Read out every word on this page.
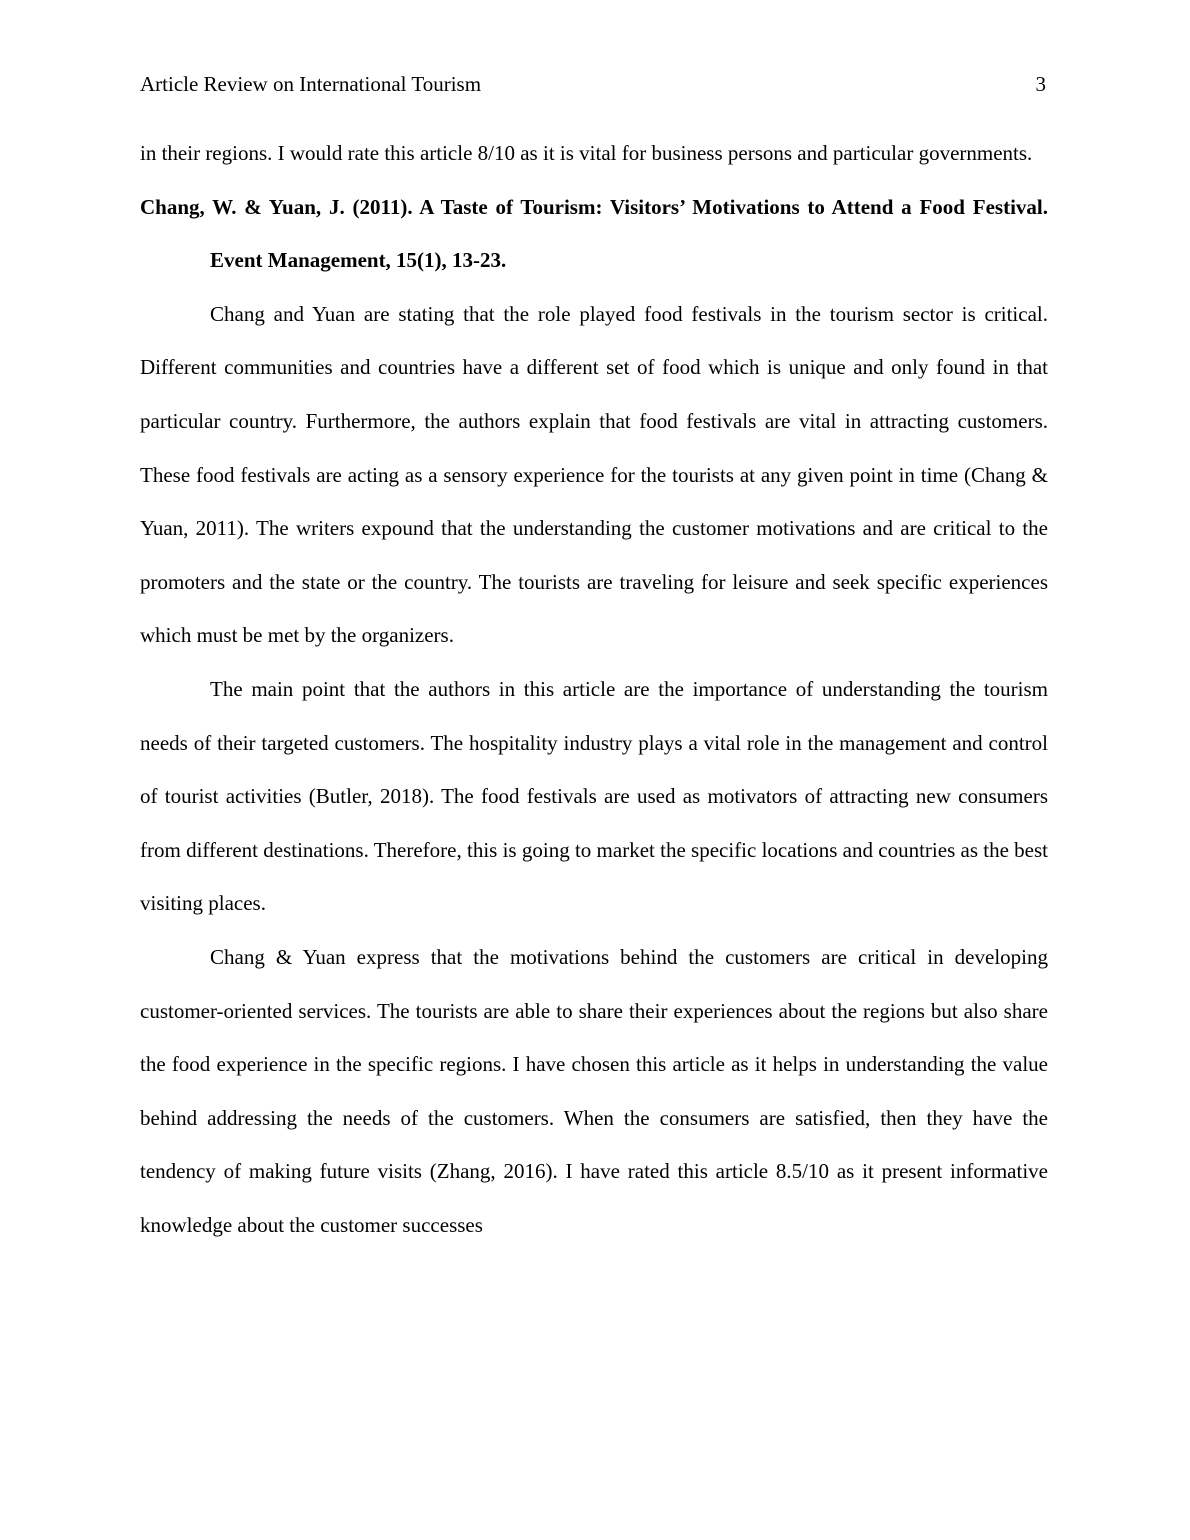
Article Review on International Tourism	3

in their regions. I would rate this article 8/10 as it is vital for business persons and particular governments.

Chang, W. & Yuan, J. (2011). A Taste of Tourism: Visitors’ Motivations to Attend a Food Festival. Event Management, 15(1), 13-23.

Chang and Yuan are stating that the role played food festivals in the tourism sector is critical. Different communities and countries have a different set of food which is unique and only found in that particular country. Furthermore, the authors explain that food festivals are vital in attracting customers. These food festivals are acting as a sensory experience for the tourists at any given point in time (Chang & Yuan, 2011). The writers expound that the understanding the customer motivations and are critical to the promoters and the state or the country. The tourists are traveling for leisure and seek specific experiences which must be met by the organizers.

The main point that the authors in this article are the importance of understanding the tourism needs of their targeted customers. The hospitality industry plays a vital role in the management and control of tourist activities (Butler, 2018). The food festivals are used as motivators of attracting new consumers from different destinations. Therefore, this is going to market the specific locations and countries as the best visiting places.

Chang & Yuan express that the motivations behind the customers are critical in developing customer-oriented services. The tourists are able to share their experiences about the regions but also share the food experience in the specific regions. I have chosen this article as it helps in understanding the value behind addressing the needs of the customers. When the consumers are satisfied, then they have the tendency of making future visits (Zhang, 2016). I have rated this article 8.5/10 as it present informative knowledge about the customer successes
